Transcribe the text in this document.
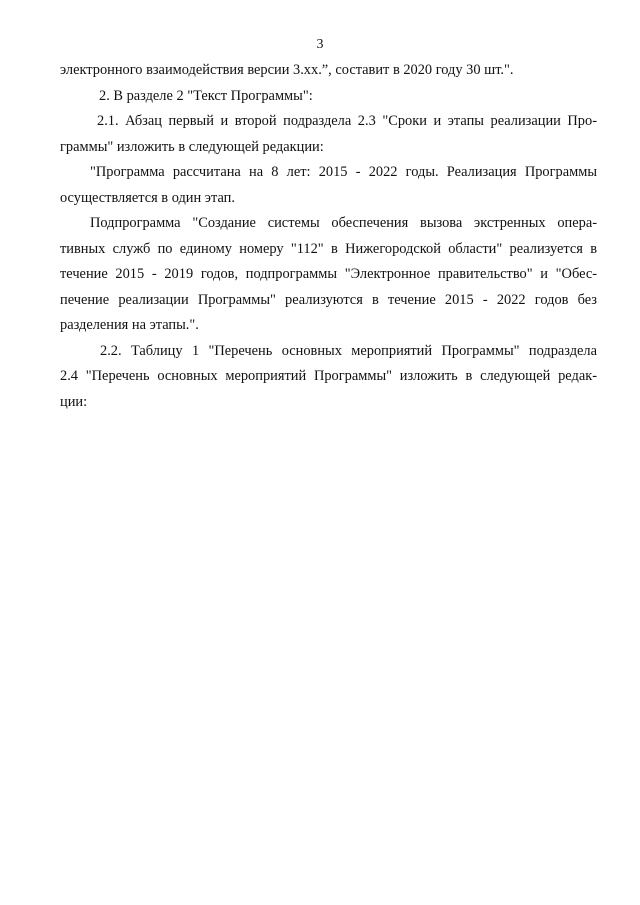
3
электронного взаимодействия версии 3.хх.”, составит в 2020 году 30 шт.".
2. В разделе 2 "Текст Программы":
2.1. Абзац первый и второй подраздела 2.3 "Сроки и этапы реализации Про-
граммы" изложить в следующей редакции:
"Программа рассчитана на 8 лет: 2015 - 2022 годы. Реализация Программы
осуществляется в один этап.
Подпрограмма "Создание системы обеспечения вызова экстренных опера-
тивных служб по единому номеру "112" в Нижегородской области" реализуется в
течение 2015 - 2019 годов, подпрограммы "Электронное правительство" и "Обес-
печение реализации Программы" реализуются в течение 2015 - 2022 годов без
разделения на этапы.".
2.2. Таблицу 1 "Перечень основных мероприятий Программы" подраздела
2.4 "Перечень основных мероприятий Программы" изложить в следующей редак-
ции:
